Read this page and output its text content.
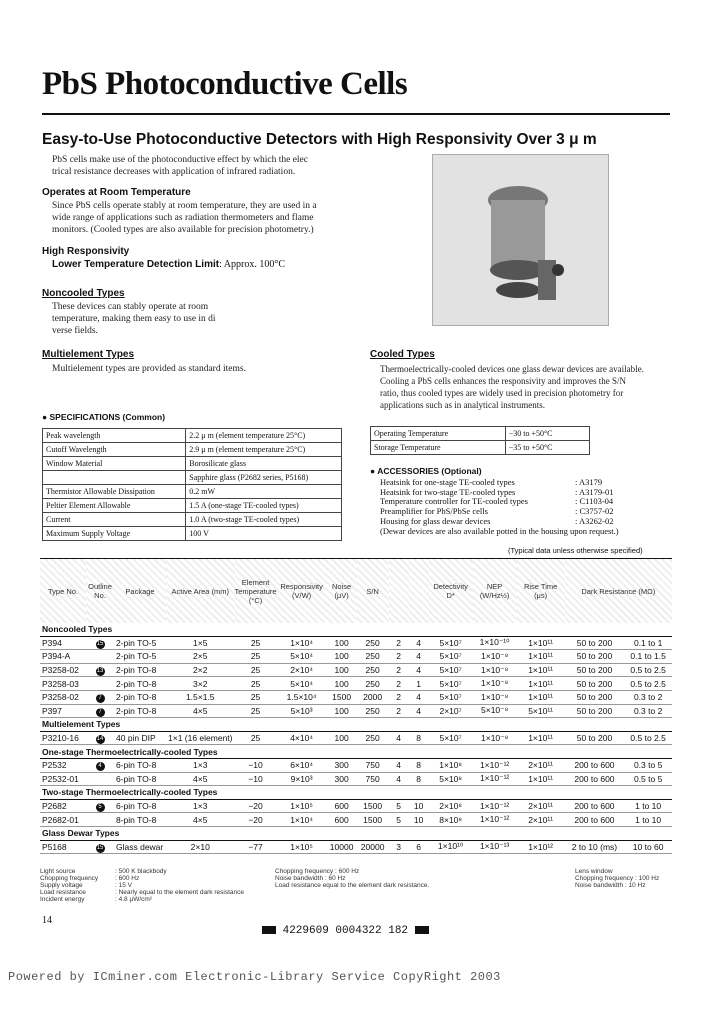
PbS Photoconductive Cells
Easy-to-Use Photoconductive Detectors with High Responsivity Over 3 μ m
PbS cells make use of the photoconductive effect by which the elec
trical resistance decreases with application of infrared radiation.
Operates at Room Temperature
Since PbS cells operate stably at room temperature, they are used in a
wide range of applications such as radiation thermometers and flame
monitors. (Cooled types are also available for precision photometry.)
High Responsivity
Lower Temperature Detection Limit: Approx. 100°C
Noncooled Types
These devices can stably operate at room
temperature, making them easy to use in di
verse fields.
Multielement Types
Multielement types are provided as standard items.
Cooled Types
Thermoelectrically-cooled devices one glass dewar devices are available.
Cooling a PbS cells enhances the responsivity and improves the S/N
ratio, thus cooled types are widely used in precision photometry for
applications such as in analytical instruments.
● SPECIFICATIONS (Common)
Peak wavelength	2.2 μ m (element temperature 25°C)
Cutoff Wavelength	2.9 μ m (element temperature 25°C)
Window Material	Borosilicate glass
	Sapphire glass (P2682 series, P5168)
Thermistor Allowable Dissipation	0.2 mW
Peltier Element Allowable	1.5 A (one-stage TE-cooled types)
Current	1.0 A (two-stage TE-cooled types)
Maximum Supply Voltage	100 V
Operating Temperature	−30 to +50°C
Storage Temperature	−35 to +50°C
● ACCESSORIES (Optional)
Heatsink for one-stage TE-cooled types	: A3179
Heatsink for two-stage TE-cooled types	: A3179-01
Temperature controller for TE-cooled types	: C1103-04
Preamplifier for PbS/PbSe cells	: C3757-02
Housing for glass dewar devices	: A3262-02
(Dewar devices are also available potted in the housing upon request.)
(Typical data unless otherwise specified)
Type No.	Outline No.	Package	Active Area (mm)	Element Temperature (°C)	Responsivity (V/W)	Noise (μV)	S/N			Detectivity D*	NEP (W/Hz½)	Rise Time (μs)	Dark Resistance (MΩ)	
Noncooled Types														
P394	15	2-pin TO-5	1×5	25	1×10⁴	100	250	2	4	5×10⁷	1×10⁻¹⁰	1×10¹¹	50 to 200	0.1 to 1
P394-A		2-pin TO-5	2×5	25	5×10⁴	100	250	2	4	5×10⁷	1×10⁻⁸	1×10¹¹	50 to 200	0.1 to 1.5
P3258-02	13	2-pin TO-8	2×2	25	2×10⁴	100	250	2	4	5×10⁷	1×10⁻⁸	1×10¹¹	50 to 200	0.5 to 2.5
P3258-03		2-pin TO-8	3×2	25	5×10⁴	100	250	2	1	5×10⁷	1×10⁻⁸	1×10¹¹	50 to 200	0.5 to 2.5
P3258-02	7	2-pin TO-8	1.5×1.5	25	1.5×10⁴	1500	2000	2	4	5×10⁷	1×10⁻⁸	1×10¹¹	50 to 200	0.3 to 2
P397	7	2-pin TO-8	4×5	25	5×10³	100	250	2	4	2×10⁷	5×10⁻⁸	5×10¹¹	50 to 200	0.3 to 2
Multielement Types														
P3210-16	14	40 pin DIP	1×1 (16 element)	25	4×10⁴	100	250	4	8	5×10⁷	1×10⁻⁸	1×10¹¹	50 to 200	0.5 to 2.5
One-stage Thermoelectrically-cooled Types														
P2532	4	6-pin TO-8	1×3	−10	6×10⁴	300	750	4	8	1×10⁸	1×10⁻¹²	2×10¹¹	200 to 600	0.3 to 5
P2532-01		6-pin TO-8	4×5	−10	9×10³	300	750	4	8	5×10⁸	1×10⁻¹²	1×10¹¹	200 to 600	0.5 to 5
Two-stage Thermoelectrically-cooled Types														
P2682	5	6-pin TO-8	1×3	−20	1×10⁵	600	1500	5	10	2×10⁸	1×10⁻¹²	2×10¹¹	200 to 600	1 to 10
P2682-01		8-pin TO-8	4×5	−20	1×10⁴	600	1500	5	10	8×10⁸	1×10⁻¹²	2×10¹¹	200 to 600	1 to 10
Glass Dewar Types														
P5168	15	Glass dewar	2×10	−77	1×10⁵	10000	20000	3	6	1×10¹⁰	1×10⁻¹³	1×10¹²	2 to 10 (ms)	10 to 60
Light source	: 500 K blackbody
Chopping frequency	: 600 Hz
Supply voltage	: 15 V
Load resistance	: Nearly equal to the element dark resistance
Incident energy	: 4.8 μW/cm²
Chopping frequency : 600 Hz
Noise bandwidth : 60 Hz
Load resistance equal to the element dark resistance.
Lens window
Chopping frequency : 100 Hz
Noise bandwidth : 10 Hz
14
4229609 0004322 182
Powered by ICminer.com Electronic-Library Service CopyRight 2003
